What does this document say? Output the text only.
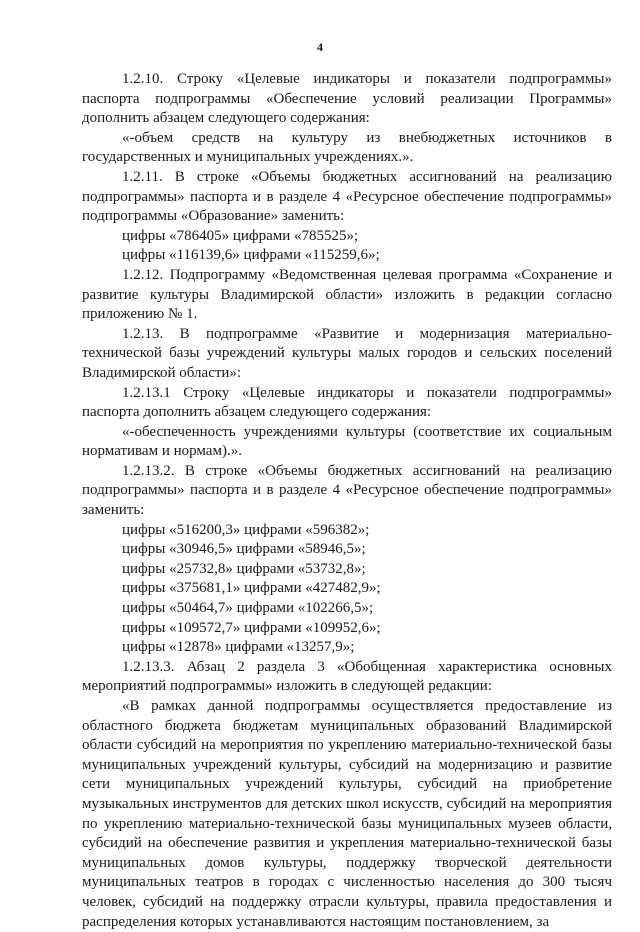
4

1.2.10. Строку «Целевые индикаторы и показатели подпрограммы» паспорта подпрограммы «Обеспечение условий реализации Программы» дополнить абзацем следующего содержания:

«-объем средств на культуру из внебюджетных источников в государственных и муниципальных учреждениях.».

1.2.11. В строке «Объемы бюджетных ассигнований на реализацию подпрограммы» паспорта и в разделе 4 «Ресурсное обеспечение подпрограммы» подпрограммы «Образование» заменить:

цифры «786405» цифрами «785525»;

цифры «116139,6» цифрами «115259,6»;

1.2.12. Подпрограмму «Ведомственная целевая программа «Сохранение и развитие культуры Владимирской области» изложить в редакции согласно приложению № 1.

1.2.13. В подпрограмме «Развитие и модернизация материально-технической базы учреждений культуры малых городов и сельских поселений Владимирской области»:

1.2.13.1 Строку «Целевые индикаторы и показатели подпрограммы» паспорта дополнить абзацем следующего содержания:

«-обеспеченность учреждениями культуры (соответствие их социальным нормативам и нормам).».

1.2.13.2. В строке «Объемы бюджетных ассигнований на реализацию подпрограммы» паспорта и в разделе 4 «Ресурсное обеспечение подпрограммы» заменить:

цифры «516200,3» цифрами «596382»;

цифры «30946,5» цифрами «58946,5»;

цифры «25732,8» цифрами «53732,8»;

цифры «375681,1» цифрами «427482,9»;

цифры «50464,7» цифрами «102266,5»;

цифры «109572,7» цифрами «109952,6»;

цифры «12878» цифрами «13257,9»;

1.2.13.3. Абзац 2 раздела 3 «Обобщенная характеристика основных мероприятий подпрограммы» изложить в следующей редакции:

«В рамках данной подпрограммы осуществляется предоставление из областного бюджета бюджетам муниципальных образований Владимирской области субсидий на мероприятия по укреплению материально-технической базы муниципальных учреждений культуры, субсидий на модернизацию и развитие сети муниципальных учреждений культуры, субсидий на приобретение музыкальных инструментов для детских школ искусств, субсидий на мероприятия по укреплению материально-технической базы муниципальных музеев области, субсидий на обеспечение развития и укрепления материально-технической базы муниципальных домов культуры, поддержку творческой деятельности муниципальных театров в городах с численностью населения до 300 тысяч человек, субсидий на поддержку отрасли культуры, правила предоставления и распределения которых устанавливаются настоящим постановлением, за
